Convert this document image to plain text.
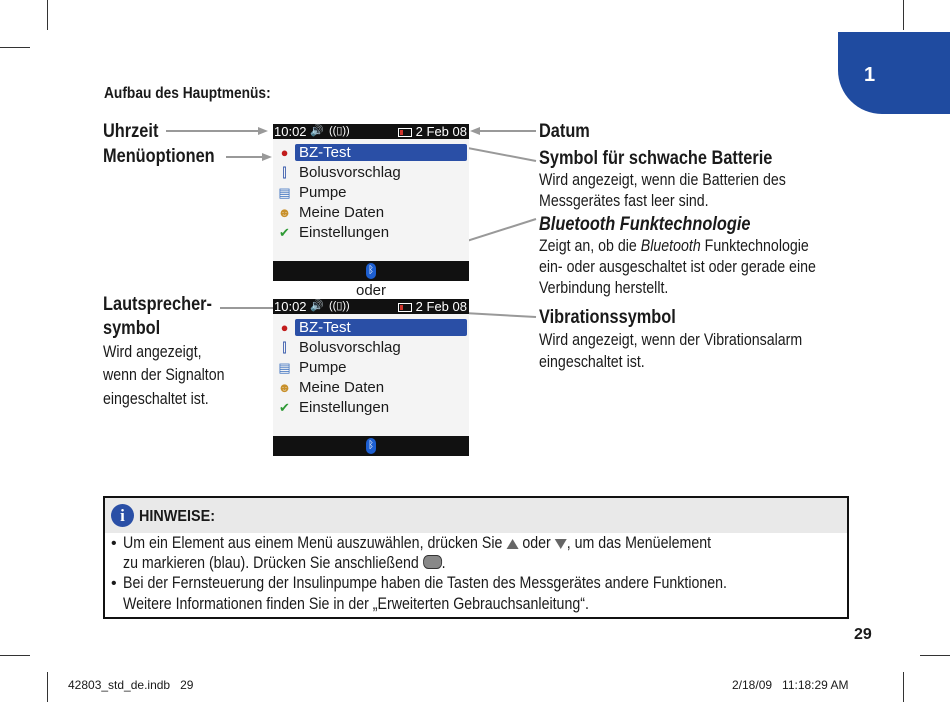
1
Aufbau des Hauptmenüs:
Uhrzeit
Menüoptionen
Lautsprecher-
symbol
Wird angezeigt,
wenn der Signalton
eingeschaltet ist.
Datum
Symbol für schwache Batterie
Wird angezeigt, wenn die Batterien des
Messgerätes fast leer sind.
Bluetooth Funktechnologie
Zeigt an, ob die Bluetooth Funktechnologie
ein- oder ausgeschaltet ist oder gerade eine
Verbindung herstellt.
Vibrationssymbol
Wird angezeigt, wenn der Vibrationsalarm
eingeschaltet ist.
10:02 🔊 ((▯))	2 Feb 08
● BZ-Test
⫿ Bolusvorschlag
▤ Pumpe
☻ Meine Daten
✔ Einstellungen
ᛒ
oder
10:02 🔊 ((▯))	2 Feb 08
● BZ-Test
⫿ Bolusvorschlag
▤ Pumpe
☻ Meine Daten
✔ Einstellungen
ᛒ
i HINWEISE:
• Um ein Element aus einem Menü auszuwählen, drücken Sie  oder , um das Menüelement
zu markieren (blau). Drücken Sie anschließend .
• Bei der Fernsteuerung der Insulinpumpe haben die Tasten des Messgerätes andere Funktionen.
Weitere Informationen finden Sie in der „Erweiterten Gebrauchsanleitung“.
29
42803_std_de.indb   29	2/18/09   11:18:29 AM
